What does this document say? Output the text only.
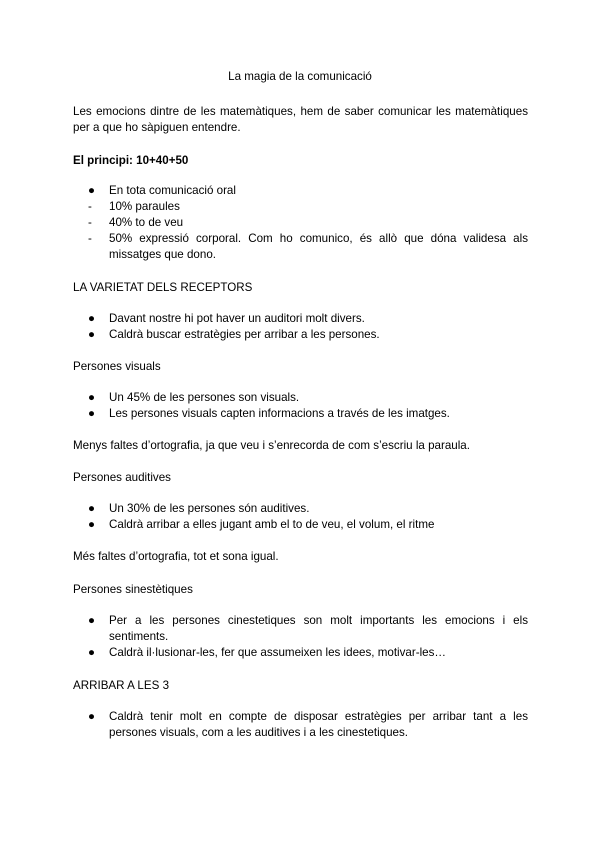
La magia de la comunicació
Les emocions dintre de les matemàtiques, hem de saber comunicar les matemàtiques per a que ho sàpiguen entendre.
El principi: 10+40+50
●	En tota comunicació oral
-	10% paraules
-	40% to de veu
-	50% expressió corporal. Com ho comunico, és allò que dóna validesa als missatges que dono.
LA VARIETAT DELS RECEPTORS
●	Davant nostre hi pot haver un auditori molt divers.
●	Caldrà buscar estratègies per arribar a les persones.
Persones visuals
●	Un 45% de les persones son visuals.
●	Les persones visuals capten informacions a través de les imatges.
Menys faltes d’ortografia, ja que veu i s’enrecorda de com s’escriu la paraula.
Persones auditives
●	Un 30% de les persones són auditives.
●	Caldrà arribar a elles jugant amb el to de veu, el volum, el ritme
Més faltes d’ortografia, tot et sona igual.
Persones sinestètiques
●	Per a les persones cinestetiques son molt importants les emocions i els sentiments.
●	Caldrà il·lusionar-les, fer que assumeixen les idees, motivar-les…
ARRIBAR A LES 3
●	Caldrà tenir molt en compte de disposar estratègies per arribar tant a les persones visuals, com a les auditives i a les cinestetiques.
